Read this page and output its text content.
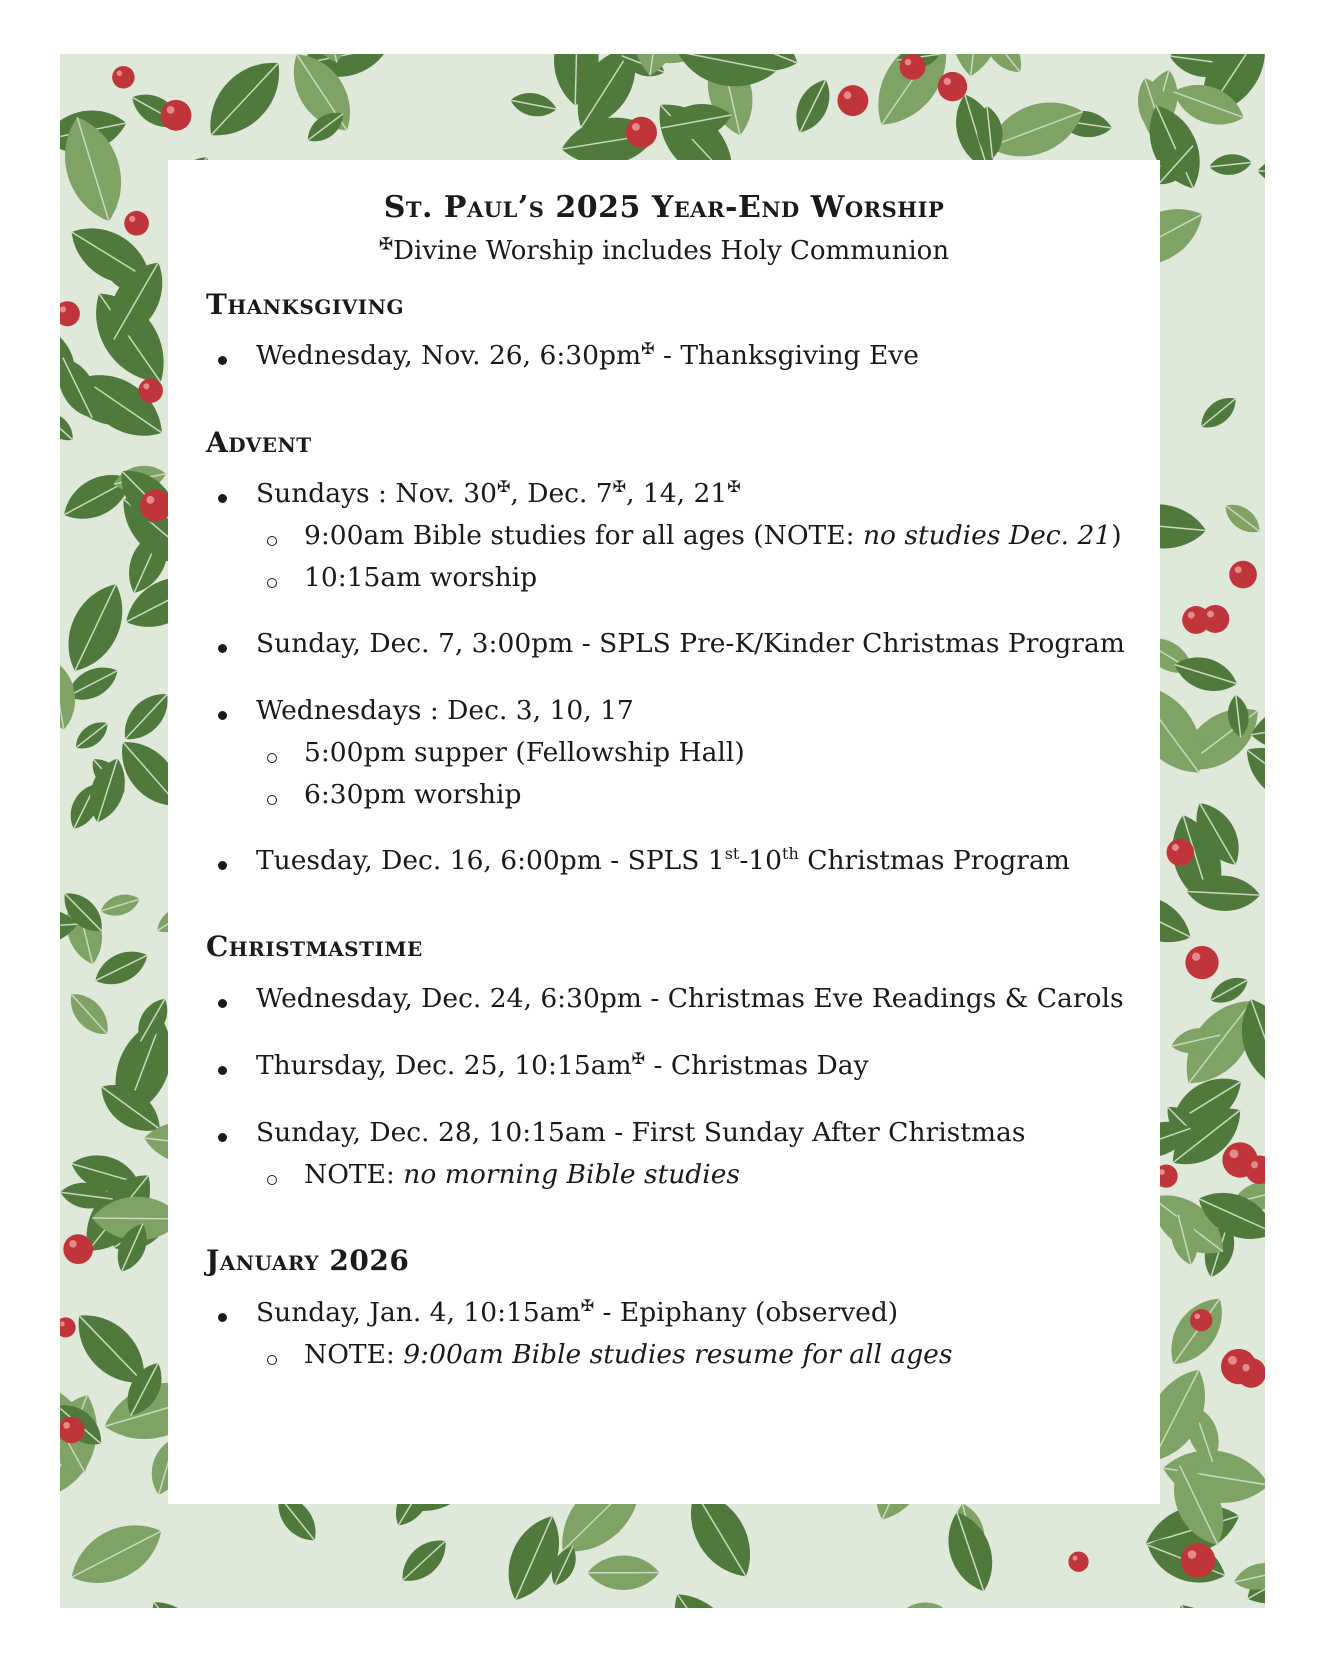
St. Paul’s 2025 Year-End Worship
✠Divine Worship includes Holy Communion
Thanksgiving
Wednesday, Nov. 26, 6:30pm✠ - Thanksgiving Eve
Advent
Sundays : Nov. 30✠, Dec. 7✠, 14, 21✠
9:00am Bible studies for all ages (NOTE: no studies Dec. 21)
10:15am worship
Sunday, Dec. 7, 3:00pm - SPLS Pre-K/Kinder Christmas Program
Wednesdays : Dec. 3, 10, 17
5:00pm supper (Fellowship Hall)
6:30pm worship
Tuesday, Dec. 16, 6:00pm - SPLS 1st-10th Christmas Program
Christmastime
Wednesday, Dec. 24, 6:30pm - Christmas Eve Readings & Carols
Thursday, Dec. 25, 10:15am✠ - Christmas Day
Sunday, Dec. 28, 10:15am - First Sunday After Christmas
NOTE: no morning Bible studies
January 2026
Sunday, Jan. 4, 10:15am✠ - Epiphany (observed)
NOTE: 9:00am Bible studies resume for all ages
